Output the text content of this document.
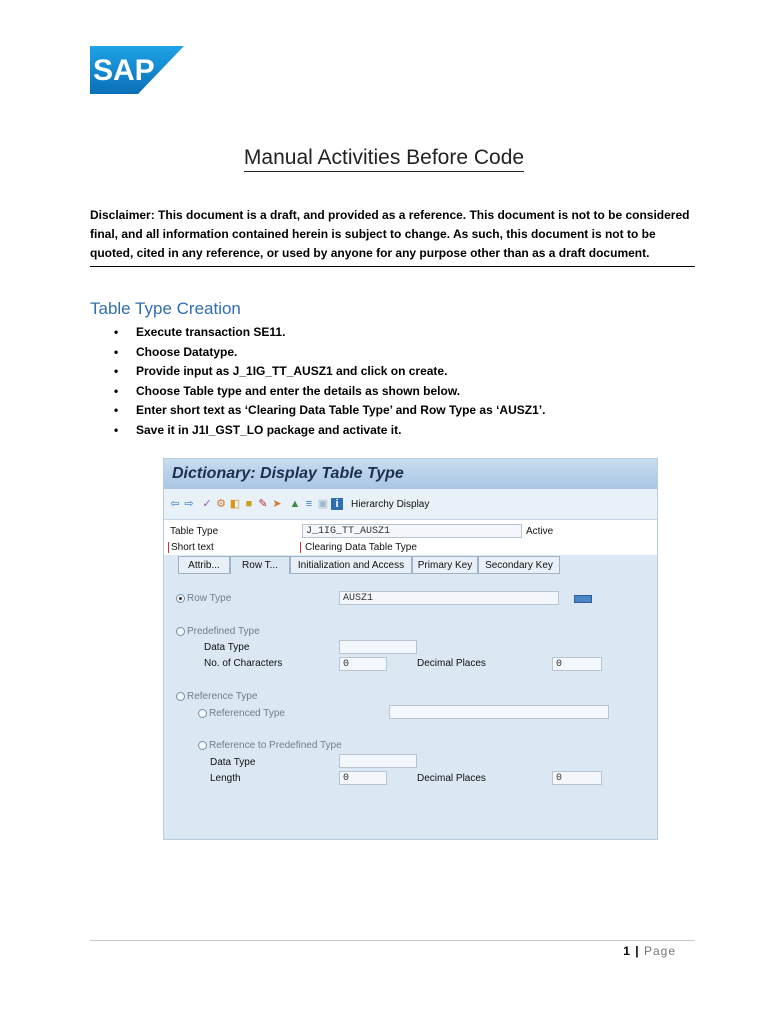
SAP
®
Manual Activities Before Code
Disclaimer: This document is a draft, and provided as a reference. This document is not to be considered final, and all information contained herein is subject to change. As such, this document is not to be quoted, cited in any reference, or used by anyone for any purpose other than as a draft document.
Table Type Creation
• Execute transaction SE11.
• Choose Datatype.
• Provide input as J_1IG_TT_AUSZ1 and click on create.
• Choose Table type and enter the details as shown below.
• Enter short text as ‘Clearing Data Table Type’ and Row Type as ‘AUSZ1’.
• Save it in J1I_GST_LO package and activate it.
Dictionary: Display Table Type
⇦ ⇨ ✓ ⚙ ◧ ■ ✎ ➤ ▲ ≡ ▣ i	Hierarchy Display
Table Type	J_1IG_TT_AUSZ1	Active
Short text	Clearing Data Table Type
Attrib...	Row T...	Initialization and Access	Primary Key	Secondary Key
Row Type	AUSZ1
Predefined Type
Data Type
No. of Characters	0	Decimal Places	0
Reference Type
Referenced Type
Reference to Predefined Type
Data Type
Length	0	Decimal Places	0
1 | Page
